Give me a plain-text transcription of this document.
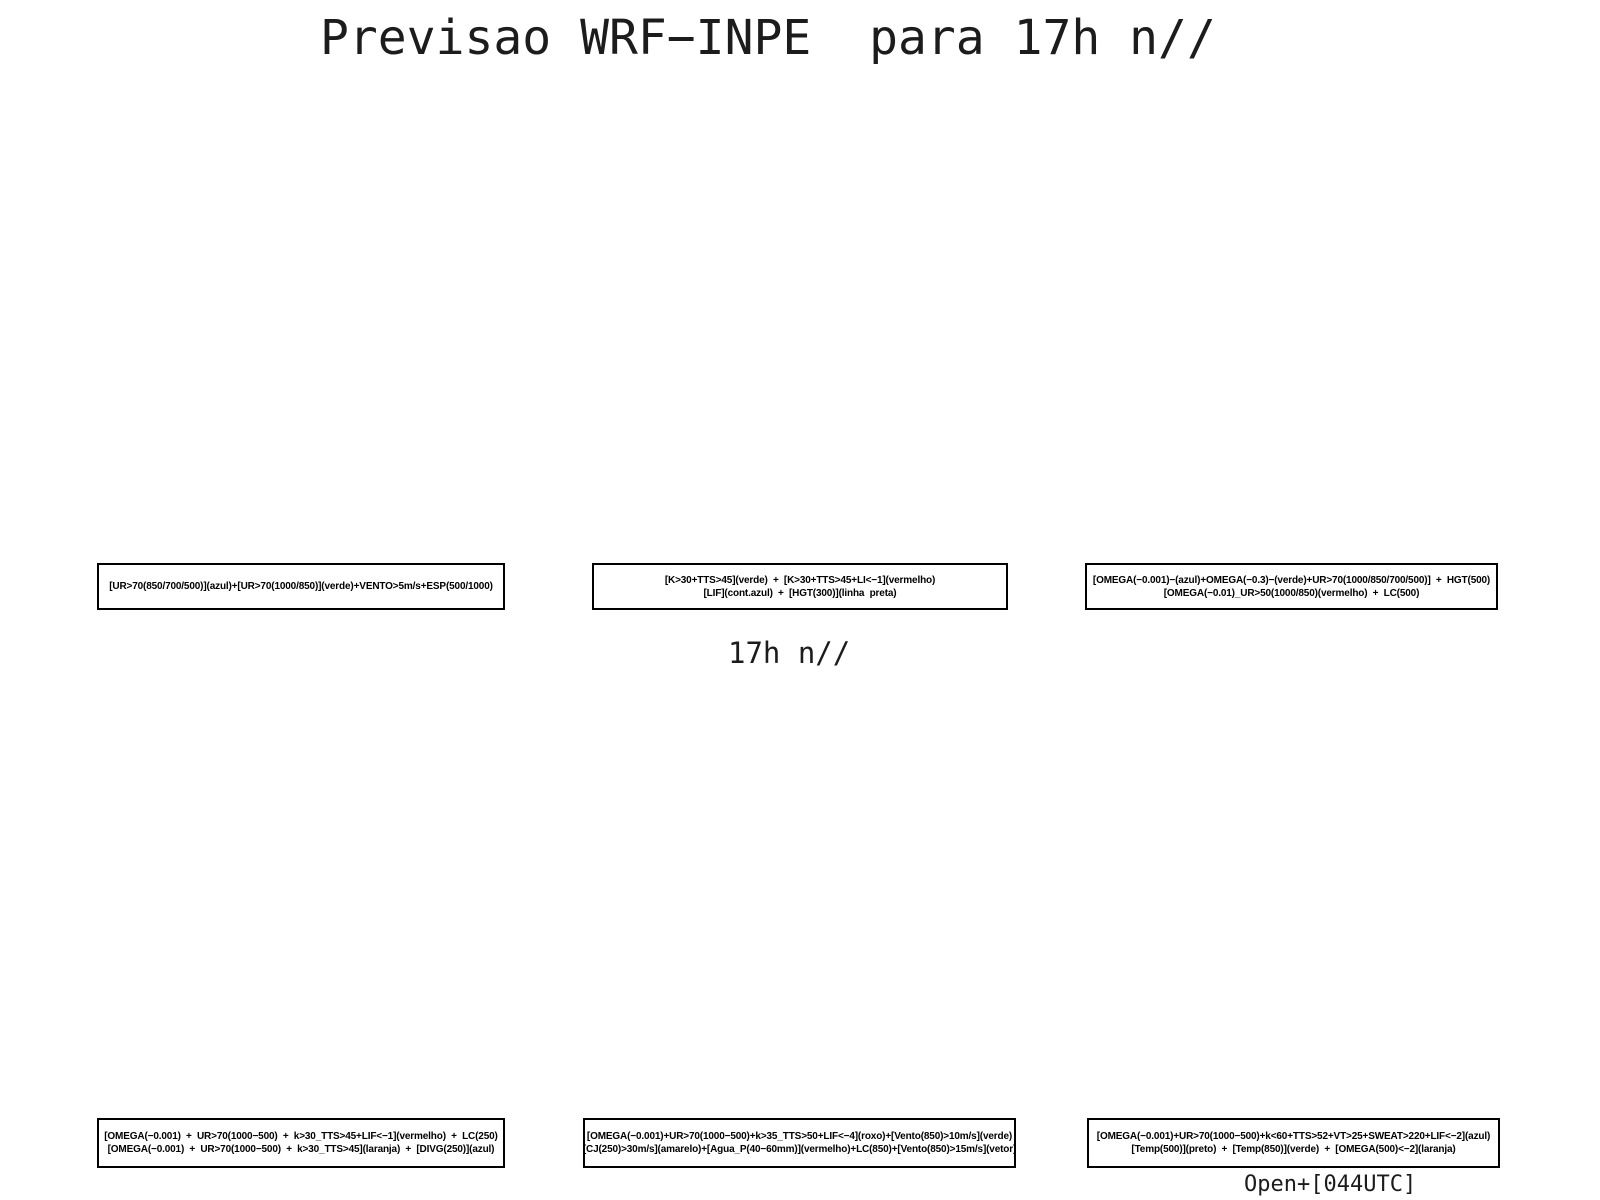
Previsao WRF−INPE  para 17h n//
[UR>70(850/700/500)](azul)+[UR>70(1000/850)](verde)+VENTO>5m/s+ESP(500/1000)
[K>30+TTS>45](verde)  +  [K>30+TTS>45+LI<−1](vermelho)
[LIF](cont.azul)  +  [HGT(300)](linha  preta)
[OMEGA(−0.001)−(azul)+OMEGA(−0.3)−(verde)+UR>70(1000/850/700/500)]  +  HGT(500)
[OMEGA(−0.01)_UR>50(1000/850)(vermelho)  +  LC(500)
17h n//
[OMEGA(−0.001)  +  UR>70(1000−500)  +  k>30_TTS>45+LIF<−1](vermelho)  +  LC(250)
[OMEGA(−0.001)  +  UR>70(1000−500)  +  k>30_TTS>45](laranja)  +  [DIVG(250)](azul)
[OMEGA(−0.001)+UR>70(1000−500)+k>35_TTS>50+LIF<−4](roxo)+[Vento(850)>10m/s](verde)
[CJ(250)>30m/s](amarelo)+[Agua_P(40−60mm)](vermelho)+LC(850)+[Vento(850)>15m/s](vetor)
[OMEGA(−0.001)+UR>70(1000−500)+k<60+TTS>52+VT>25+SWEAT>220+LIF<−2](azul)
[Temp(500)](preto)  +  [Temp(850)](verde)  +  [OMEGA(500)<−2](laranja)
Open+[044UTC]
